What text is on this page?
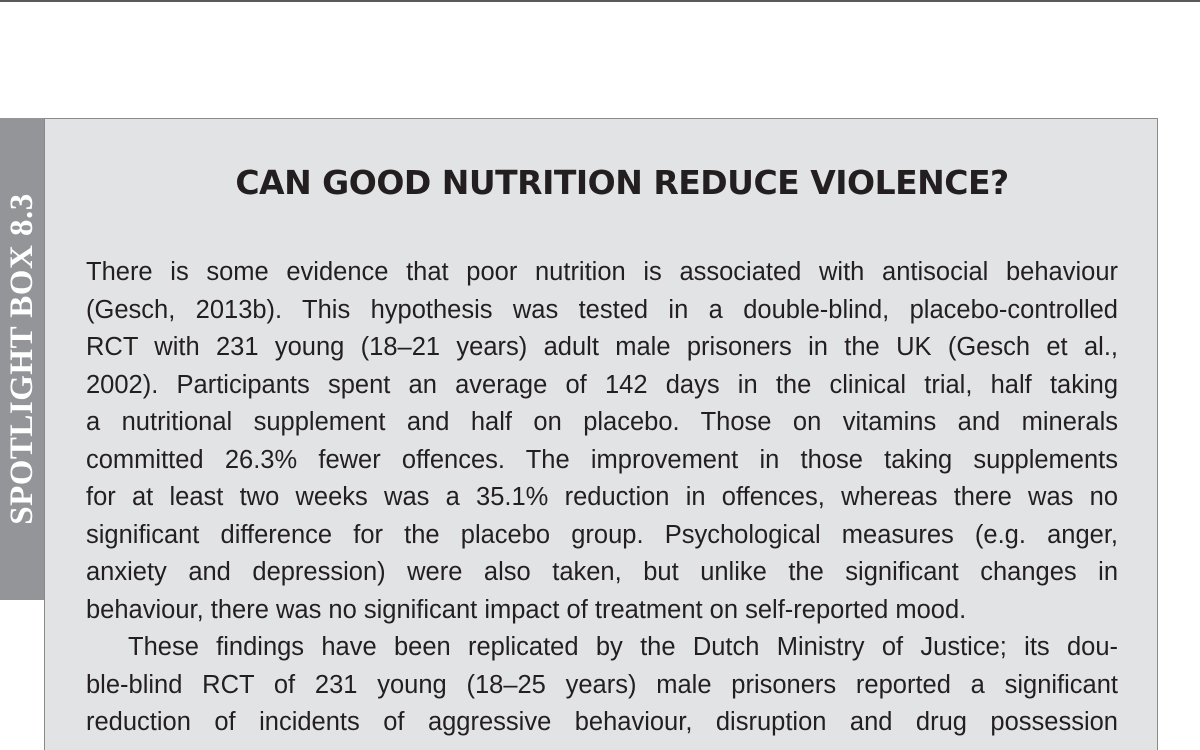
SPOTLIGHT BOX 8.3
CAN GOOD NUTRITION REDUCE VIOLENCE?
There is some evidence that poor nutrition is associated with antisocial behaviour
(Gesch, 2013b). This hypothesis was tested in a double-blind, placebo-controlled
RCT with 231 young (18–21 years) adult male prisoners in the UK (Gesch et al.,
2002). Participants spent an average of 142 days in the clinical trial, half taking
a nutritional supplement and half on placebo. Those on vitamins and minerals
committed 26.3% fewer offences. The improvement in those taking supplements
for at least two weeks was a 35.1% reduction in offences, whereas there was no
significant difference for the placebo group. Psychological measures (e.g. anger,
anxiety and depression) were also taken, but unlike the significant changes in
behaviour, there was no significant impact of treatment on self-reported mood.
These findings have been replicated by the Dutch Ministry of Justice; its dou-
ble-blind RCT of 231 young (18–25 years) male prisoners reported a significant
reduction of incidents of aggressive behaviour, disruption and drug possession
